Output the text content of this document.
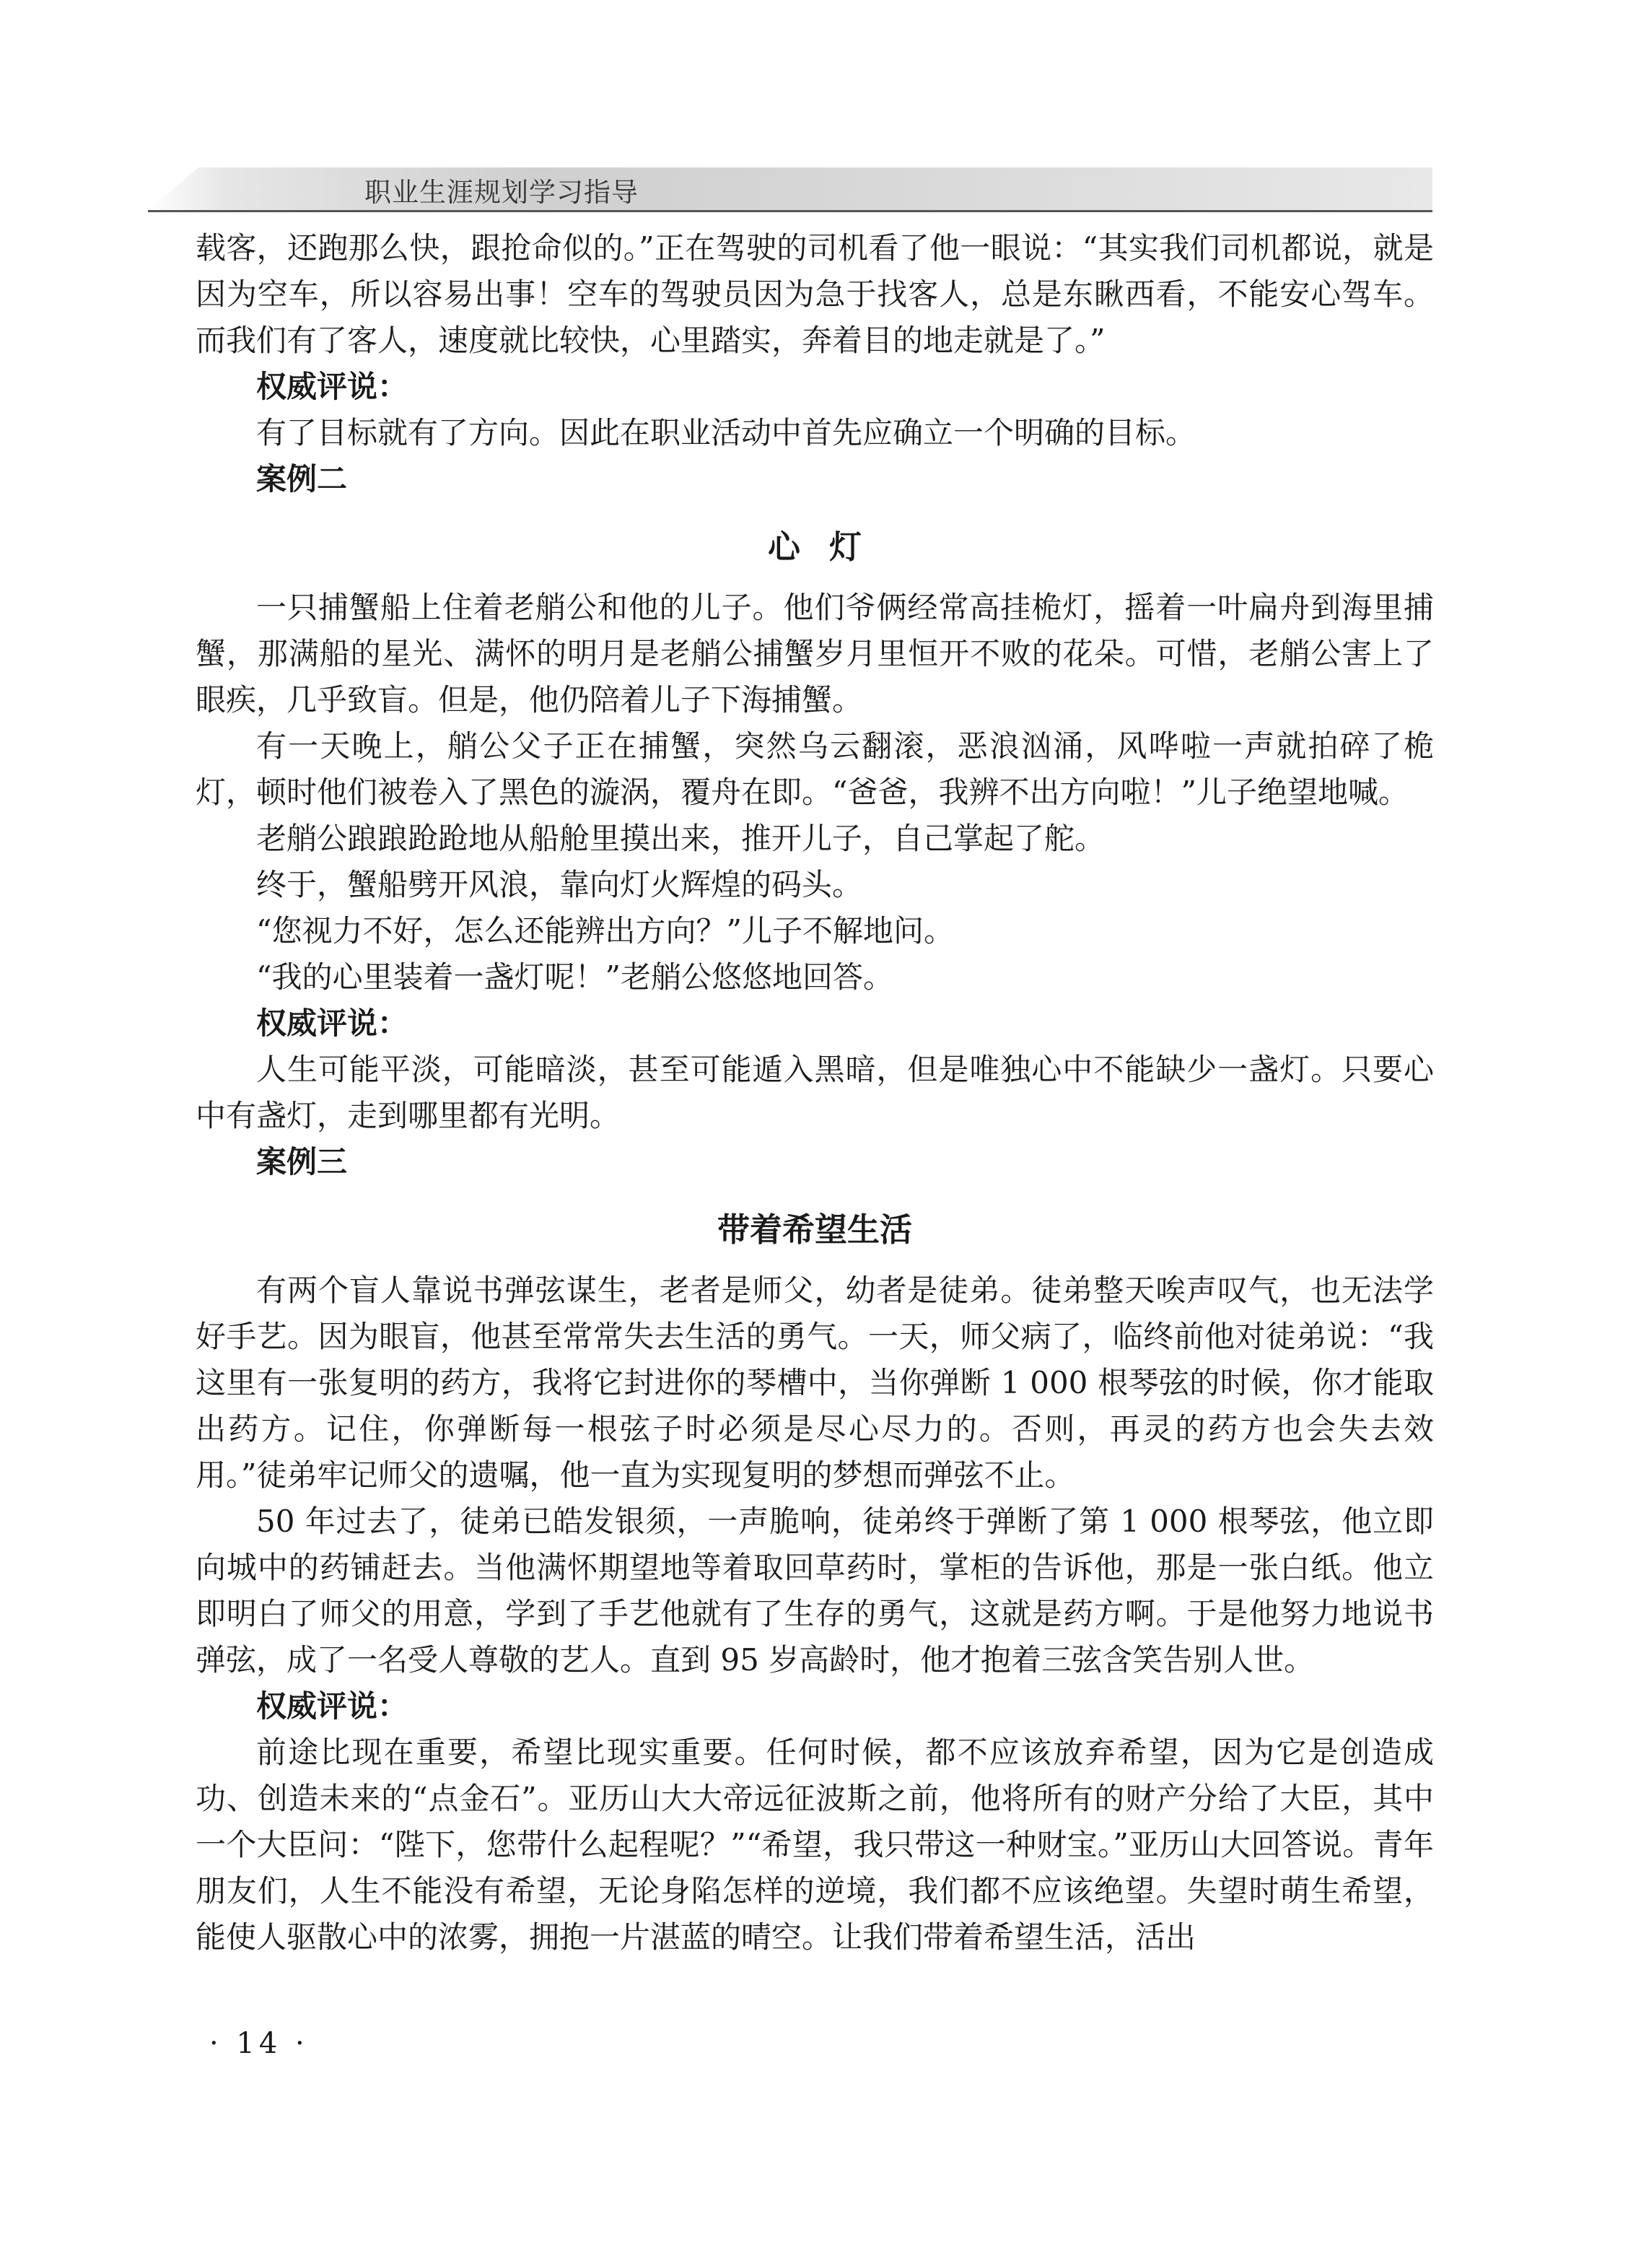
职业生涯规划学习指导

载客，还跑那么快，跟抢命似的。”正在驾驶的司机看了他一眼说：“其实我们司机都说，就是因为空车，所以容易出事！空车的驾驶员因为急于找客人，总是东瞅西看，不能安心驾车。而我们有了客人，速度就比较快，心里踏实，奔着目的地走就是了。”

权威评说：

有了目标就有了方向。因此在职业活动中首先应确立一个明确的目标。

案例二

心灯

一只捕蟹船上住着老艄公和他的儿子。他们爷俩经常高挂桅灯，摇着一叶扁舟到海里捕蟹，那满船的星光、满怀的明月是老艄公捕蟹岁月里恒开不败的花朵。可惜，老艄公害上了眼疾，几乎致盲。但是，他仍陪着儿子下海捕蟹。

有一天晚上，艄公父子正在捕蟹，突然乌云翻滚，恶浪汹涌，风哗啦一声就拍碎了桅灯，顿时他们被卷入了黑色的漩涡，覆舟在即。“爸爸，我辨不出方向啦！”儿子绝望地喊。

老艄公踉踉跄跄地从船舱里摸出来，推开儿子，自己掌起了舵。

终于，蟹船劈开风浪，靠向灯火辉煌的码头。

“您视力不好，怎么还能辨出方向？”儿子不解地问。

“我的心里装着一盏灯呢！”老艄公悠悠地回答。

权威评说：

人生可能平淡，可能暗淡，甚至可能遁入黑暗，但是唯独心中不能缺少一盏灯。只要心中有盏灯，走到哪里都有光明。

案例三

带着希望生活

有两个盲人靠说书弹弦谋生，老者是师父，幼者是徒弟。徒弟整天唉声叹气，也无法学好手艺。因为眼盲，他甚至常常失去生活的勇气。一天，师父病了，临终前他对徒弟说：“我这里有一张复明的药方，我将它封进你的琴槽中，当你弹断 1 000 根琴弦的时候，你才能取出药方。记住，你弹断每一根弦子时必须是尽心尽力的。否则，再灵的药方也会失去效用。”徒弟牢记师父的遗嘱，他一直为实现复明的梦想而弹弦不止。

50 年过去了，徒弟已皓发银须，一声脆响，徒弟终于弹断了第 1 000 根琴弦，他立即向城中的药铺赶去。当他满怀期望地等着取回草药时，掌柜的告诉他，那是一张白纸。他立即明白了师父的用意，学到了手艺他就有了生存的勇气，这就是药方啊。于是他努力地说书弹弦，成了一名受人尊敬的艺人。直到 95 岁高龄时，他才抱着三弦含笑告别人世。

权威评说：

前途比现在重要，希望比现实重要。任何时候，都不应该放弃希望，因为它是创造成功、创造未来的“点金石”。亚历山大大帝远征波斯之前，他将所有的财产分给了大臣，其中一个大臣问：“陛下，您带什么起程呢？”“希望，我只带这一种财宝。”亚历山大回答说。青年朋友们，人生不能没有希望，无论身陷怎样的逆境，我们都不应该绝望。失望时萌生希望，能使人驱散心中的浓雾，拥抱一片湛蓝的晴空。让我们带着希望生活，活出

· 14 ·
